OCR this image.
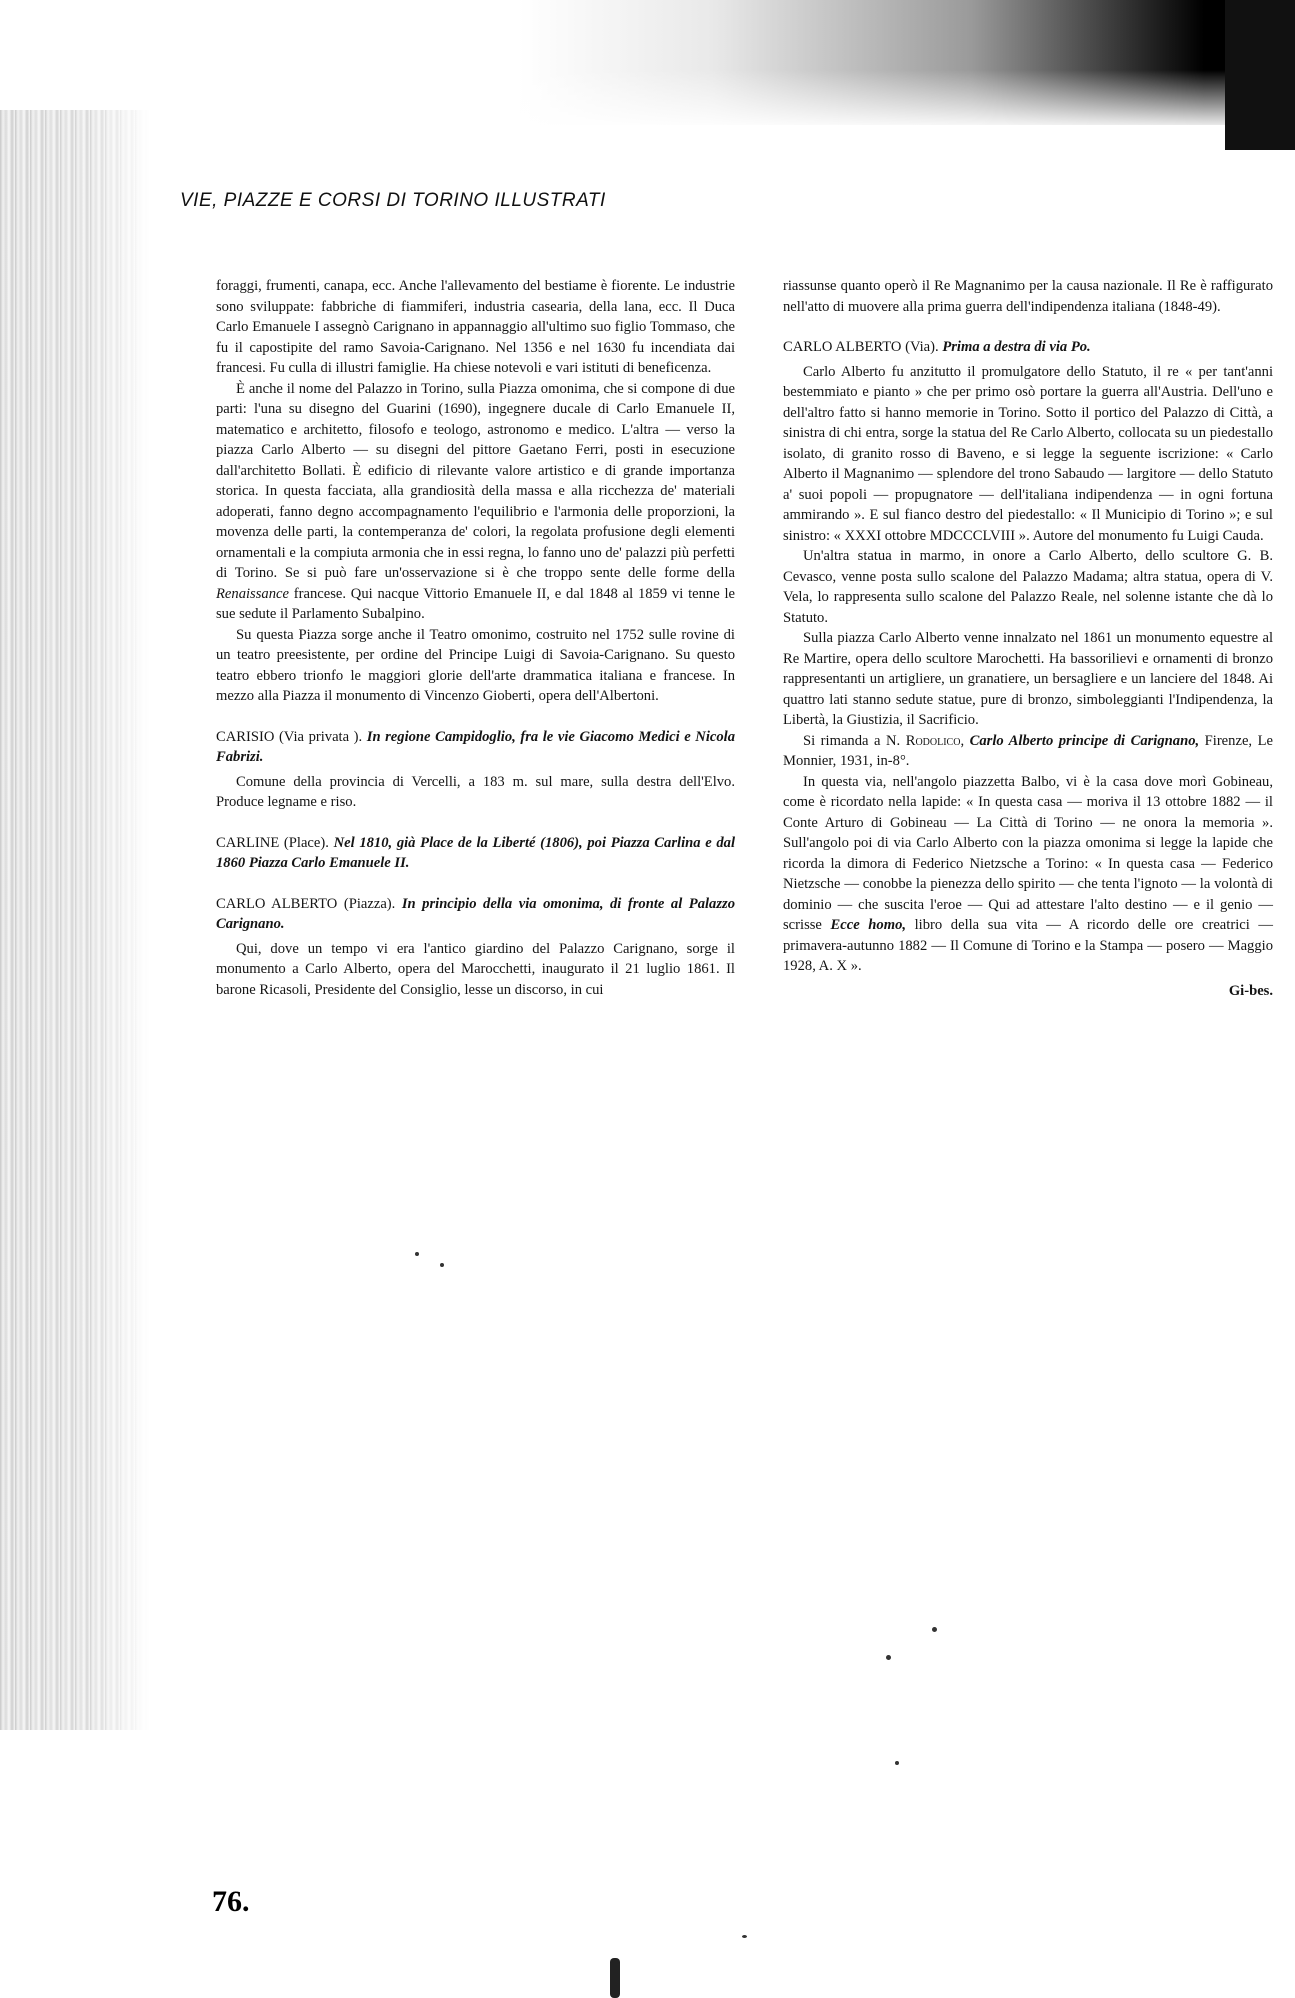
VIE, PIAZZE E CORSI DI TORINO ILLUSTRATI

foraggi, frumenti, canapa, ecc. Anche l'allevamento del bestiame è fiorente. Le industrie sono sviluppate: fabbriche di fiammiferi, industria casearia, della lana, ecc. Il Duca Carlo Emanuele I assegnò Carignano in appannaggio all'ultimo suo figlio Tommaso, che fu il capostipite del ramo Savoia-Carignano. Nel 1356 e nel 1630 fu incendiata dai francesi. Fu culla di illustri famiglie. Ha chiese notevoli e vari istituti di beneficenza.

È anche il nome del Palazzo in Torino, sulla Piazza omonima, che si compone di due parti: l'una su disegno del Guarini (1690), ingegnere ducale di Carlo Emanuele II, matematico e architetto, filosofo e teologo, astronomo e medico. L'altra — verso la piazza Carlo Alberto — su disegni del pittore Gaetano Ferri, posti in esecuzione dall'architetto Bollati. È edificio di rilevante valore artistico e di grande importanza storica. In questa facciata, alla grandiosità della massa e alla ricchezza de' materiali adoperati, fanno degno accompagnamento l'equilibrio e l'armonia delle proporzioni, la movenza delle parti, la contemperanza de' colori, la regolata profusione degli elementi ornamentali e la compiuta armonia che in essi regna, lo fanno uno de' palazzi più perfetti di Torino. Se si può fare un'osservazione si è che troppo sente delle forme della Renaissance francese. Qui nacque Vittorio Emanuele II, e dal 1848 al 1859 vi tenne le sue sedute il Parlamento Subalpino.

Su questa Piazza sorge anche il Teatro omonimo, costruito nel 1752 sulle rovine di un teatro preesistente, per ordine del Principe Luigi di Savoia-Carignano. Su questo teatro ebbero trionfo le maggiori glorie dell'arte drammatica italiana e francese. In mezzo alla Piazza il monumento di Vincenzo Gioberti, opera dell'Albertoni.

CARISIO (Via privata ). In regione Campidoglio, fra le vie Giacomo Medici e Nicola Fabrizi.

Comune della provincia di Vercelli, a 183 m. sul mare, sulla destra dell'Elvo. Produce legname e riso.

CARLINE (Place). Nel 1810, già Place de la Liberté (1806), poi Piazza Carlina e dal 1860 Piazza Carlo Emanuele II.

CARLO ALBERTO (Piazza). In principio della via omonima, di fronte al Palazzo Carignano.

Qui, dove un tempo vi era l'antico giardino del Palazzo Carignano, sorge il monumento a Carlo Alberto, opera del Marocchetti, inaugurato il 21 luglio 1861. Il barone Ricasoli, Presidente del Consiglio, lesse un discorso, in cui

riassunse quanto operò il Re Magnanimo per la causa nazionale. Il Re è raffigurato nell'atto di muovere alla prima guerra dell'indipendenza italiana (1848-49).

CARLO ALBERTO (Via). Prima a destra di via Po.

Carlo Alberto fu anzitutto il promulgatore dello Statuto, il re « per tant'anni bestemmiato e pianto » che per primo osò portare la guerra all'Austria. Dell'uno e dell'altro fatto si hanno memorie in Torino. Sotto il portico del Palazzo di Città, a sinistra di chi entra, sorge la statua del Re Carlo Alberto, collocata su un piedestallo isolato, di granito rosso di Baveno, e si legge la seguente iscrizione: « Carlo Alberto il Magnanimo — splendore del trono Sabaudo — largitore — dello Statuto a' suoi popoli — propugnatore — dell'italiana indipendenza — in ogni fortuna ammirando ». E sul fianco destro del piedestallo: « Il Municipio di Torino »; e sul sinistro: « XXXI ottobre MDCCCLVIII ». Autore del monumento fu Luigi Cauda.

Un'altra statua in marmo, in onore a Carlo Alberto, dello scultore G. B. Cevasco, venne posta sullo scalone del Palazzo Madama; altra statua, opera di V. Vela, lo rappresenta sullo scalone del Palazzo Reale, nel solenne istante che dà lo Statuto.

Sulla piazza Carlo Alberto venne innalzato nel 1861 un monumento equestre al Re Martire, opera dello scultore Marochetti. Ha bassorilievi e ornamenti di bronzo rappresentanti un artigliere, un granatiere, un bersagliere e un lanciere del 1848. Ai quattro lati stanno sedute statue, pure di bronzo, simboleggianti l'Indipendenza, la Libertà, la Giustizia, il Sacrificio.

Si rimanda a N. Rodolico, Carlo Alberto principe di Carignano, Firenze, Le Monnier, 1931, in-8°.

In questa via, nell'angolo piazzetta Balbo, vi è la casa dove morì Gobineau, come è ricordato nella lapide: « In questa casa — moriva il 13 ottobre 1882 — il Conte Arturo di Gobineau — La Città di Torino — ne onora la memoria ». Sull'angolo poi di via Carlo Alberto con la piazza omonima si legge la lapide che ricorda la dimora di Federico Nietzsche a Torino: « In questa casa — Federico Nietzsche — conobbe la pienezza dello spirito — che tenta l'ignoto — la volontà di dominio — che suscita l'eroe — Qui ad attestare l'alto destino — e il genio — scrisse Ecce homo, libro della sua vita — A ricordo delle ore creatrici — primavera-autunno 1882 — Il Comune di Torino e la Stampa — posero — Maggio 1928, A. X ».

Gi-bes.

76.
